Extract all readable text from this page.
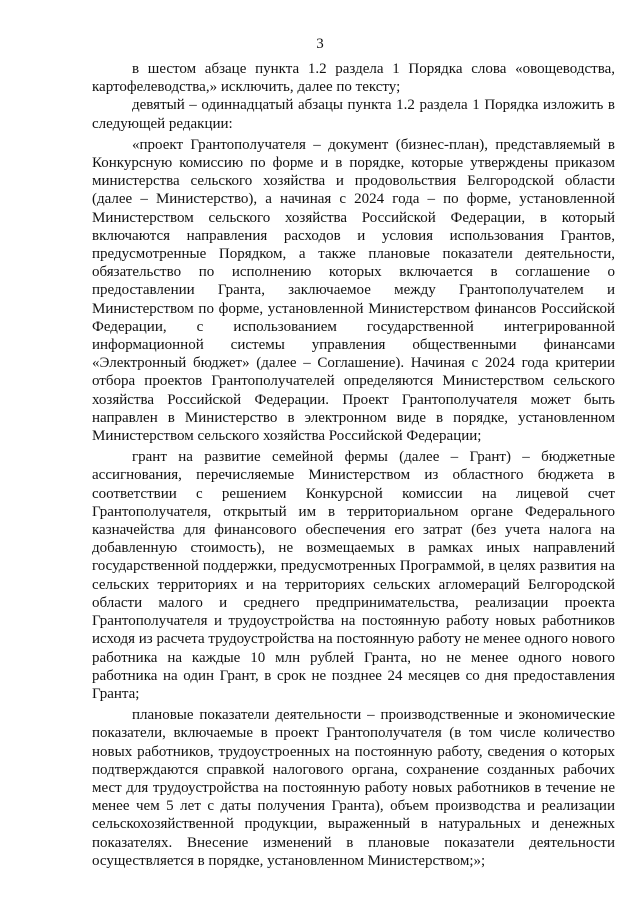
3

в шестом абзаце пункта 1.2 раздела 1 Порядка слова «овощеводства, картофелеводства,» исключить, далее по тексту;

девятый – одиннадцатый абзацы пункта 1.2 раздела 1 Порядка изложить в следующей редакции:

«проект Грантополучателя – документ (бизнес-план), представляемый в Конкурсную комиссию по форме и в порядке, которые утверждены приказом министерства сельского хозяйства и продовольствия Белгородской области (далее – Министерство), а начиная с 2024 года – по форме, установленной Министерством сельского хозяйства Российской Федерации, в который включаются направления расходов и условия использования Грантов, предусмотренные Порядком, а также плановые показатели деятельности, обязательство по исполнению которых включается в соглашение о предоставлении Гранта, заключаемое между Грантополучателем и Министерством по форме, установленной Министерством финансов Российской Федерации, с использованием государственной интегрированной информационной системы управления общественными финансами «Электронный бюджет» (далее – Соглашение). Начиная с 2024 года критерии отбора проектов Грантополучателей определяются Министерством сельского хозяйства Российской Федерации. Проект Грантополучателя может быть направлен в Министерство в электронном виде в порядке, установленном Министерством сельского хозяйства Российской Федерации;

грант на развитие семейной фермы (далее – Грант) – бюджетные ассигнования, перечисляемые Министерством из областного бюджета в соответствии с решением Конкурсной комиссии на лицевой счет Грантополучателя, открытый им в территориальном органе Федерального казначейства для финансового обеспечения его затрат (без учета налога на добавленную стоимость), не возмещаемых в рамках иных направлений государственной поддержки, предусмотренных Программой, в целях развития на сельских территориях и на территориях сельских агломераций Белгородской области малого и среднего предпринимательства, реализации проекта Грантополучателя и трудоустройства на постоянную работу новых работников исходя из расчета трудоустройства на постоянную работу не менее одного нового работника на каждые 10 млн рублей Гранта, но не менее одного нового работника на один Грант, в срок не позднее 24 месяцев со дня предоставления Гранта;

плановые показатели деятельности – производственные и экономические показатели, включаемые в проект Грантополучателя (в том числе количество новых работников, трудоустроенных на постоянную работу, сведения о которых подтверждаются справкой налогового органа, сохранение созданных рабочих мест для трудоустройства на постоянную работу новых работников в течение не менее чем 5 лет с даты получения Гранта), объем производства и реализации сельскохозяйственной продукции, выраженный в натуральных и денежных показателях. Внесение изменений в плановые показатели деятельности осуществляется в порядке, установленном Министерством;»;
